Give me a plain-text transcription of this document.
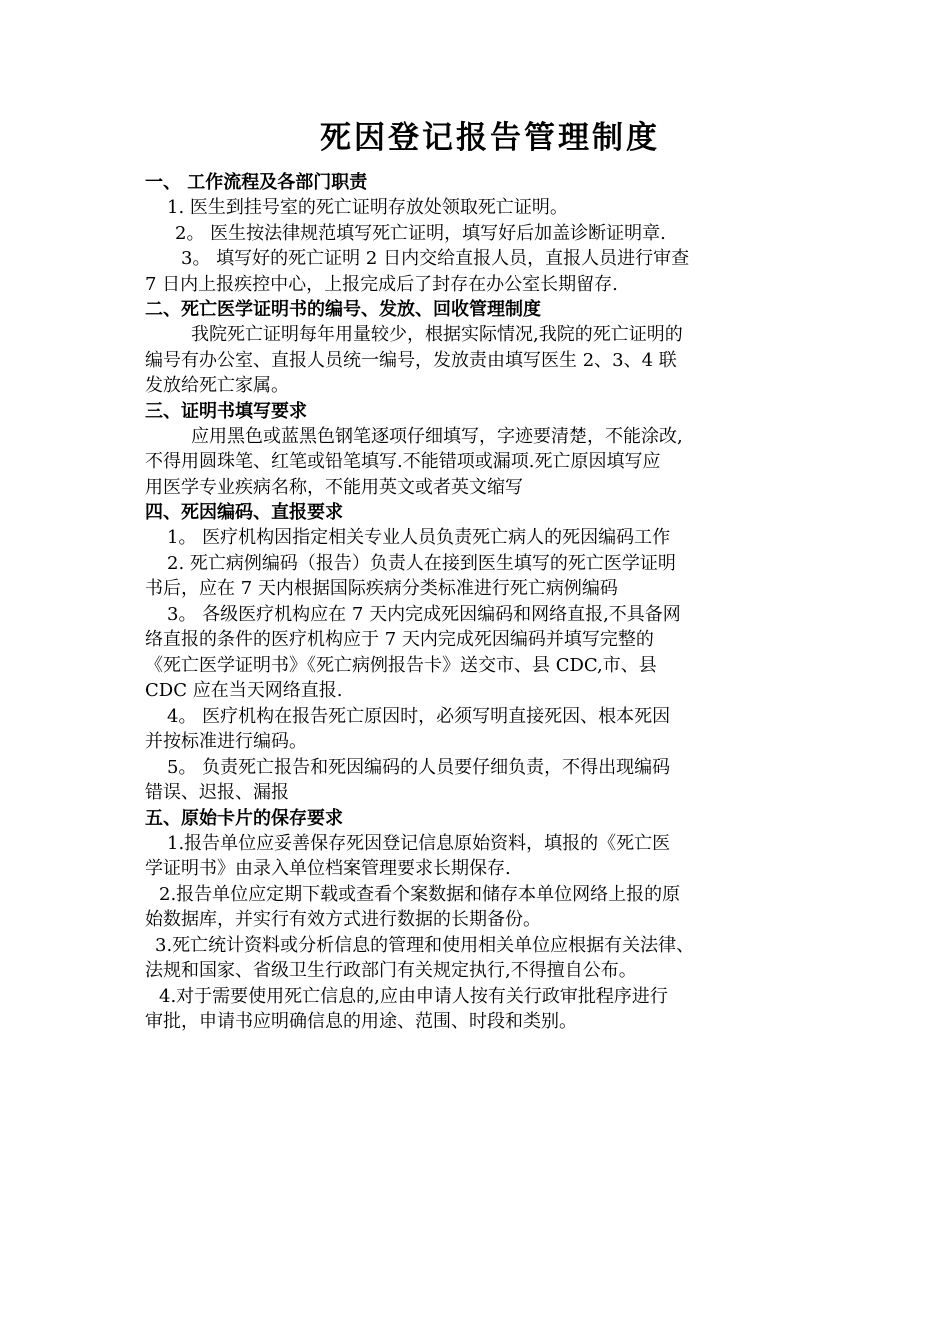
死因登记报告管理制度
一、 工作流程及各部门职责
1. 医生到挂号室的死亡证明存放处领取死亡证明。
2。 医生按法律规范填写死亡证明，填写好后加盖诊断证明章.
3。 填写好的死亡证明 2 日内交给直报人员，直报人员进行审查
7 日内上报疾控中心，上报完成后了封存在办公室长期留存.
二、死亡医学证明书的编号、发放、回收管理制度
我院死亡证明每年用量较少，根据实际情况,我院的死亡证明的
编号有办公室、直报人员统一编号，发放责由填写医生 2、3、4 联
发放给死亡家属。
三、证明书填写要求
应用黑色或蓝黑色钢笔逐项仔细填写，字迹要清楚，不能涂改,
不得用圆珠笔、红笔或铅笔填写.不能错项或漏项.死亡原因填写应
用医学专业疾病名称，不能用英文或者英文缩写
四、死因编码、直报要求
1。 医疗机构因指定相关专业人员负责死亡病人的死因编码工作
2. 死亡病例编码（报告）负责人在接到医生填写的死亡医学证明
书后，应在 7 天内根据国际疾病分类标准进行死亡病例编码
3。 各级医疗机构应在 7 天内完成死因编码和网络直报,不具备网
络直报的条件的医疗机构应于 7 天内完成死因编码并填写完整的
《死亡医学证明书》《死亡病例报告卡》送交市、县 CDC,市、县
CDC 应在当天网络直报.
4。 医疗机构在报告死亡原因时，必须写明直接死因、根本死因
并按标准进行编码。
5。 负责死亡报告和死因编码的人员要仔细负责，不得出现编码
错误、迟报、漏报
五、原始卡片的保存要求
1.报告单位应妥善保存死因登记信息原始资料，填报的《死亡医
学证明书》由录入单位档案管理要求长期保存.
2.报告单位应定期下载或查看个案数据和储存本单位网络上报的原
始数据库，并实行有效方式进行数据的长期备份。
3.死亡统计资料或分析信息的管理和使用相关单位应根据有关法律、
法规和国家、省级卫生行政部门有关规定执行,不得擅自公布。
4.对于需要使用死亡信息的,应由申请人按有关行政审批程序进行
审批，申请书应明确信息的用途、范围、时段和类别。
